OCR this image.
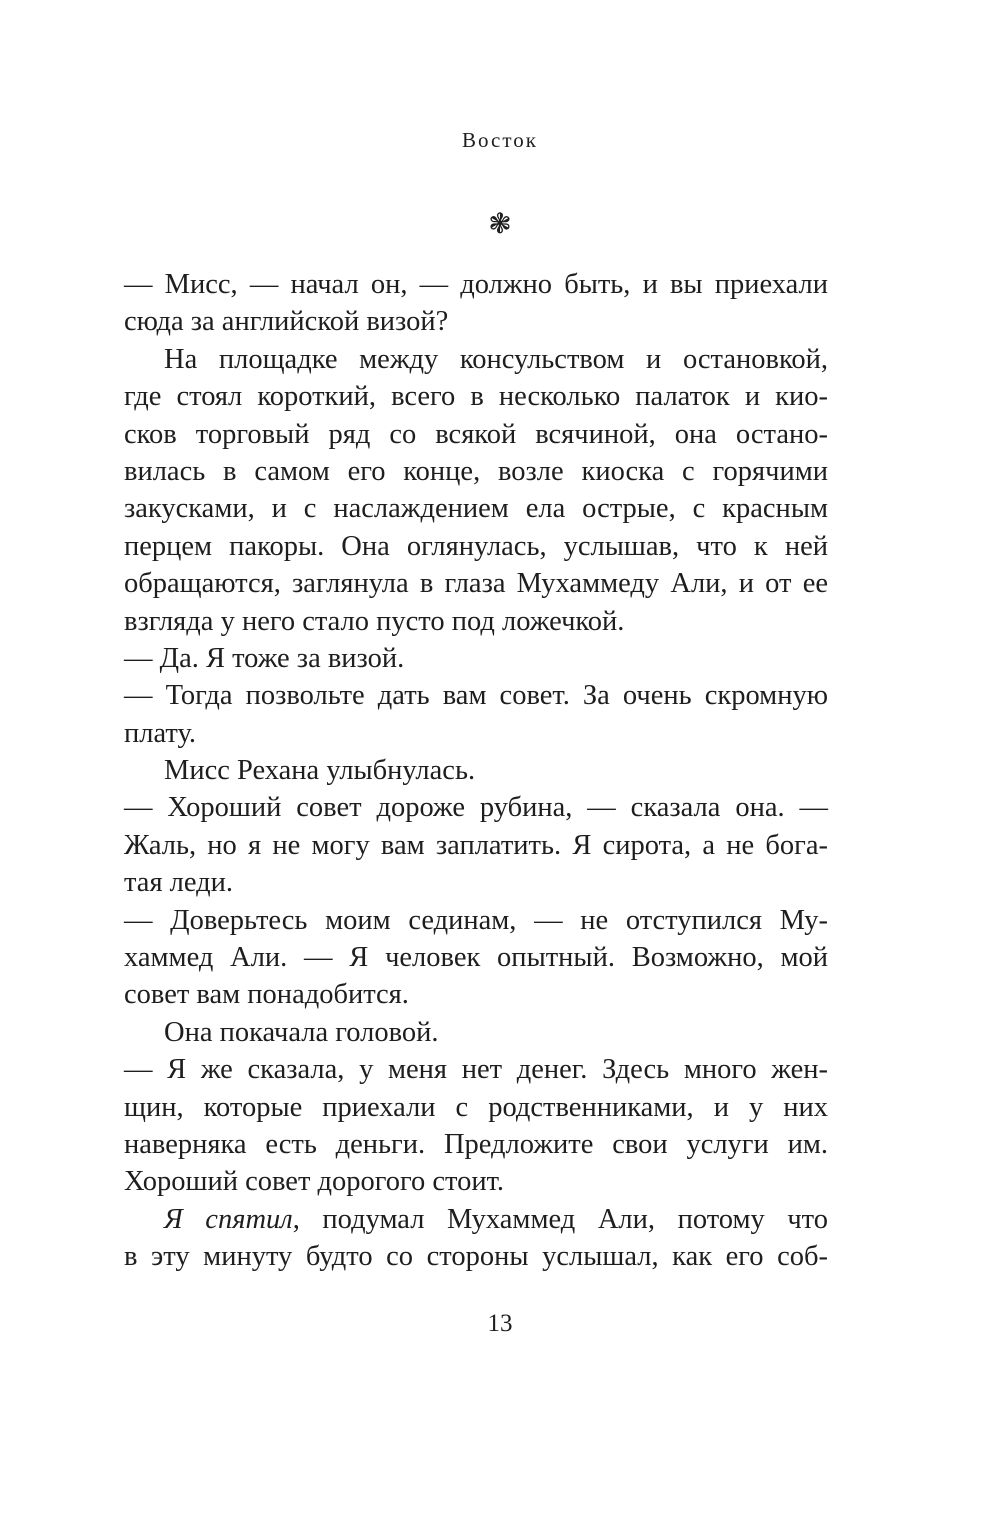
Восток
❃
— Мисс, — начал он, — должно быть, и вы приехали
сюда за английской визой?
На площадке между консульством и остановкой,
где стоял короткий, всего в несколько палаток и кио-
сков торговый ряд со всякой всячиной, она остано-
вилась в самом его конце, возле киоска с горячими
закусками, и с наслаждением ела острые, с красным
перцем пакоры. Она оглянулась, услышав, что к ней
обращаются, заглянула в глаза Мухаммеду Али, и от ее
взгляда у него стало пусто под ложечкой.
— Да. Я тоже за визой.
— Тогда позвольте дать вам совет. За очень скромную
плату.
Мисс Рехана улыбнулась.
— Хороший совет дороже рубина, — сказала она. —
Жаль, но я не могу вам заплатить. Я сирота, а не бога-
тая леди.
— Доверьтесь моим сединам, — не отступился Му-
хаммед Али. — Я человек опытный. Возможно, мой
совет вам понадобится.
Она покачала головой.
— Я же сказала, у меня нет денег. Здесь много жен-
щин, которые приехали с родственниками, и у них
наверняка есть деньги. Предложите свои услуги им.
Хороший совет дорогого стоит.
Я спятил, подумал Мухаммед Али, потому что
в эту минуту будто со стороны услышал, как его соб-
13
